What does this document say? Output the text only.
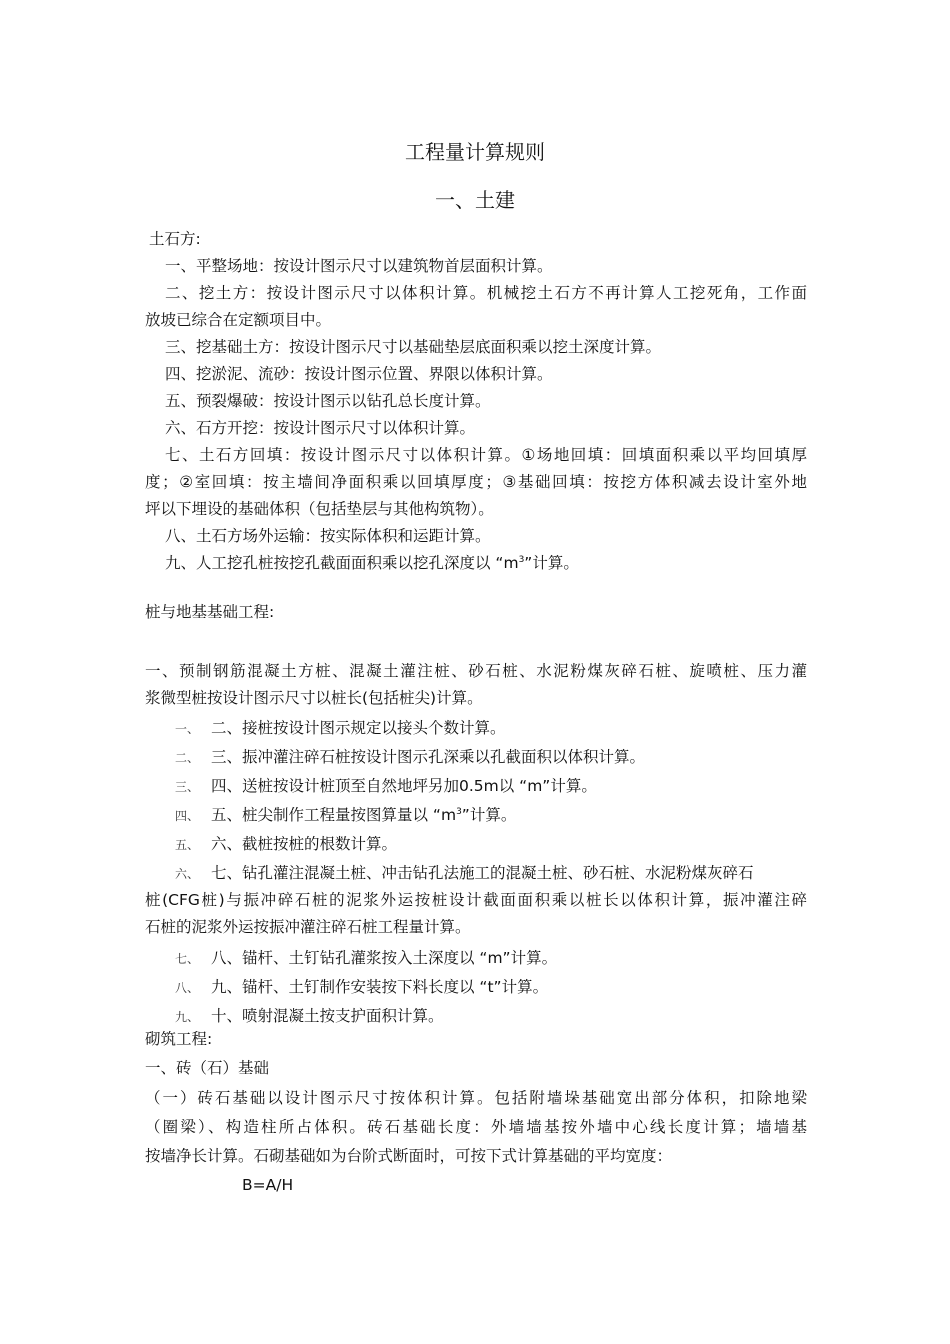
工程量计算规则
一、土建
土石方:
一、平整场地：按设计图示尺寸以建筑物首层面积计算。
二、挖土方：按设计图示尺寸以体积计算。机械挖土石方不再计算人工挖死角，工作面
放坡已综合在定额项目中。
三、挖基础土方：按设计图示尺寸以基础垫层底面积乘以挖土深度计算。
四、挖淤泥、流砂：按设计图示位置、界限以体积计算。
五、预裂爆破：按设计图示以钻孔总长度计算。
六、石方开挖：按设计图示尺寸以体积计算。
七、土石方回填：按设计图示尺寸以体积计算。①场地回填：回填面积乘以平均回填厚
度；②室回填：按主墙间净面积乘以回填厚度；③基础回填：按挖方体积减去设计室外地
坪以下埋设的基础体积（包括垫层与其他构筑物）。
八、土石方场外运输：按实际体积和运距计算。
九、人工挖孔桩按挖孔截面面积乘以挖孔深度以 “$m^3$”计算。
桩与地基基础工程:
一、预制钢筋混凝土方桩、混凝土灌注桩、砂石桩、水泥粉煤灰碎石桩、旋喷桩、压力灌
浆微型桩按设计图示尺寸以桩长(包括桩尖)计算。
一、 二、接桩按设计图示规定以接头个数计算。
二、 三、振冲灌注碎石桩按设计图示孔深乘以孔截面积以体积计算。
三、 四、送桩按设计桩顶至自然地坪另加0.5m以 “m”计算。
四、 五、桩尖制作工程量按图算量以 “$m^3$”计算。
五、 六、截桩按桩的根数计算。
六、 七、钻孔灌注混凝土桩、冲击钻孔法施工的混凝土桩、砂石桩、水泥粉煤灰碎石
桩(CFG桩)与振冲碎石桩的泥浆外运按桩设计截面面积乘以桩长以体积计算，振冲灌注碎
石桩的泥浆外运按振冲灌注碎石桩工程量计算。
七、 八、锚杆、土钉钻孔灌浆按入土深度以 “m”计算。
八、 九、锚杆、土钉制作安装按下料长度以 “t”计算。
九、 十、喷射混凝土按支护面积计算。
砌筑工程:
一、砖（石）基础
（一）砖石基础以设计图示尺寸按体积计算。包括附墙垛基础宽出部分体积，扣除地梁
（圈梁）、构造柱所占体积。砖石基础长度：外墙墙基按外墙中心线长度计算；墙墙基
按墙净长计算。石砌基础如为台阶式断面时，可按下式计算基础的平均宽度：
B=A/H
